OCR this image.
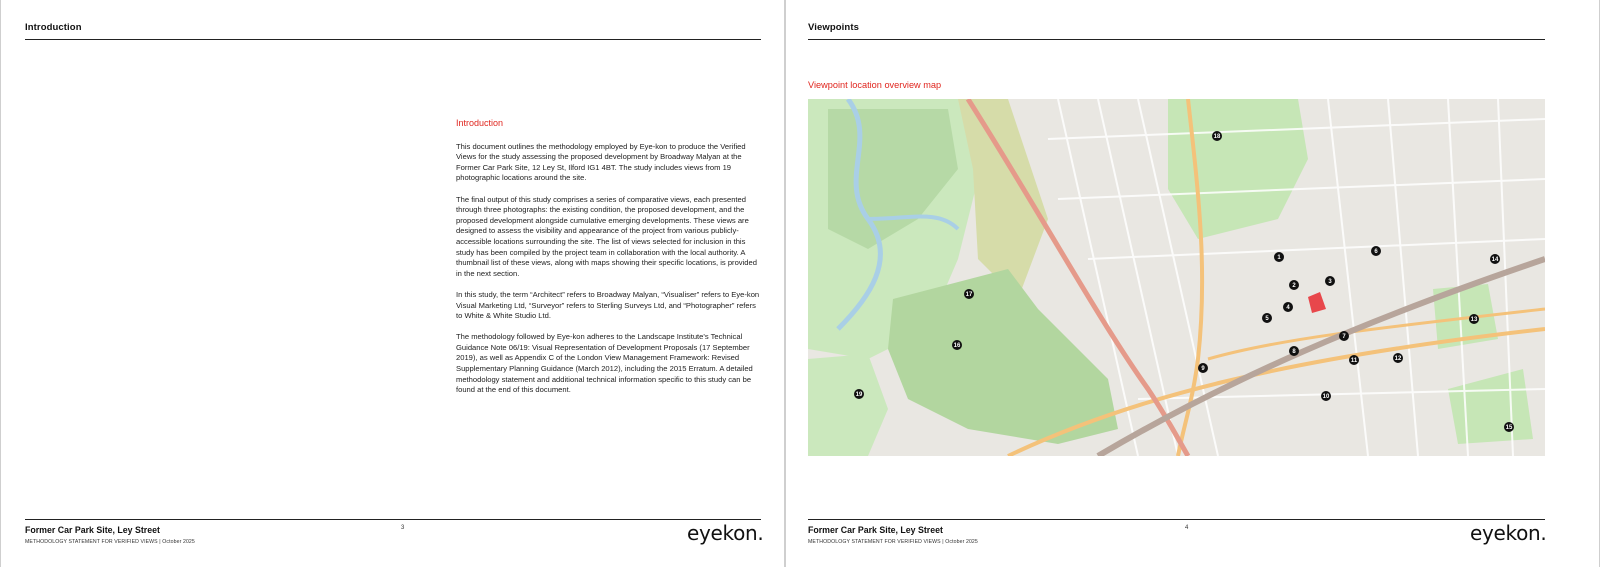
Introduction
Introduction

This document outlines the methodology employed by Eye-kon to produce the Verified Views for the study assessing the proposed development by Broadway Malyan at the Former Car Park Site, 12 Ley St, Ilford IG1 4BT. The study includes views from 19 photographic locations around the site.

The final output of this study comprises a series of comparative views, each presented through three photographs: the existing condition, the proposed development, and the proposed development alongside cumulative emerging developments. These views are designed to assess the visibility and appearance of the project from various publicly-accessible locations surrounding the site. The list of views selected for inclusion in this study has been compiled by the project team in collaboration with the local authority. A thumbnail list of these views, along with maps showing their specific locations, is provided in the next section.

In this study, the term “Architect” refers to Broadway Malyan, “Visualiser” refers to Eye-kon Visual Marketing Ltd, “Surveyor” refers to Sterling Surveys Ltd, and “Photographer” refers to White & White Studio Ltd.

The methodology followed by Eye-kon adheres to the Landscape Institute's Technical Guidance Note 06/19: Visual Representation of Development Proposals (17 September 2019), as well as Appendix C of the London View Management Framework: Revised Supplementary Planning Guidance (March 2012), including the 2015 Erratum. A detailed methodology statement and additional technical information specific to this study can be found at the end of this document.

Former Car Park Site, Ley Street
METHODOLOGY STATEMENT FOR VERIFIED VIEWS | October 2025
3	eyekon.
Viewpoints
Viewpoint location overview map
1
2
3
4
5
6
7
8
9
10
11	12
13
14
15
16
17
18
19
Former Car Park Site, Ley Street
METHODOLOGY STATEMENT FOR VERIFIED VIEWS | October 2025
4	eyekon.
